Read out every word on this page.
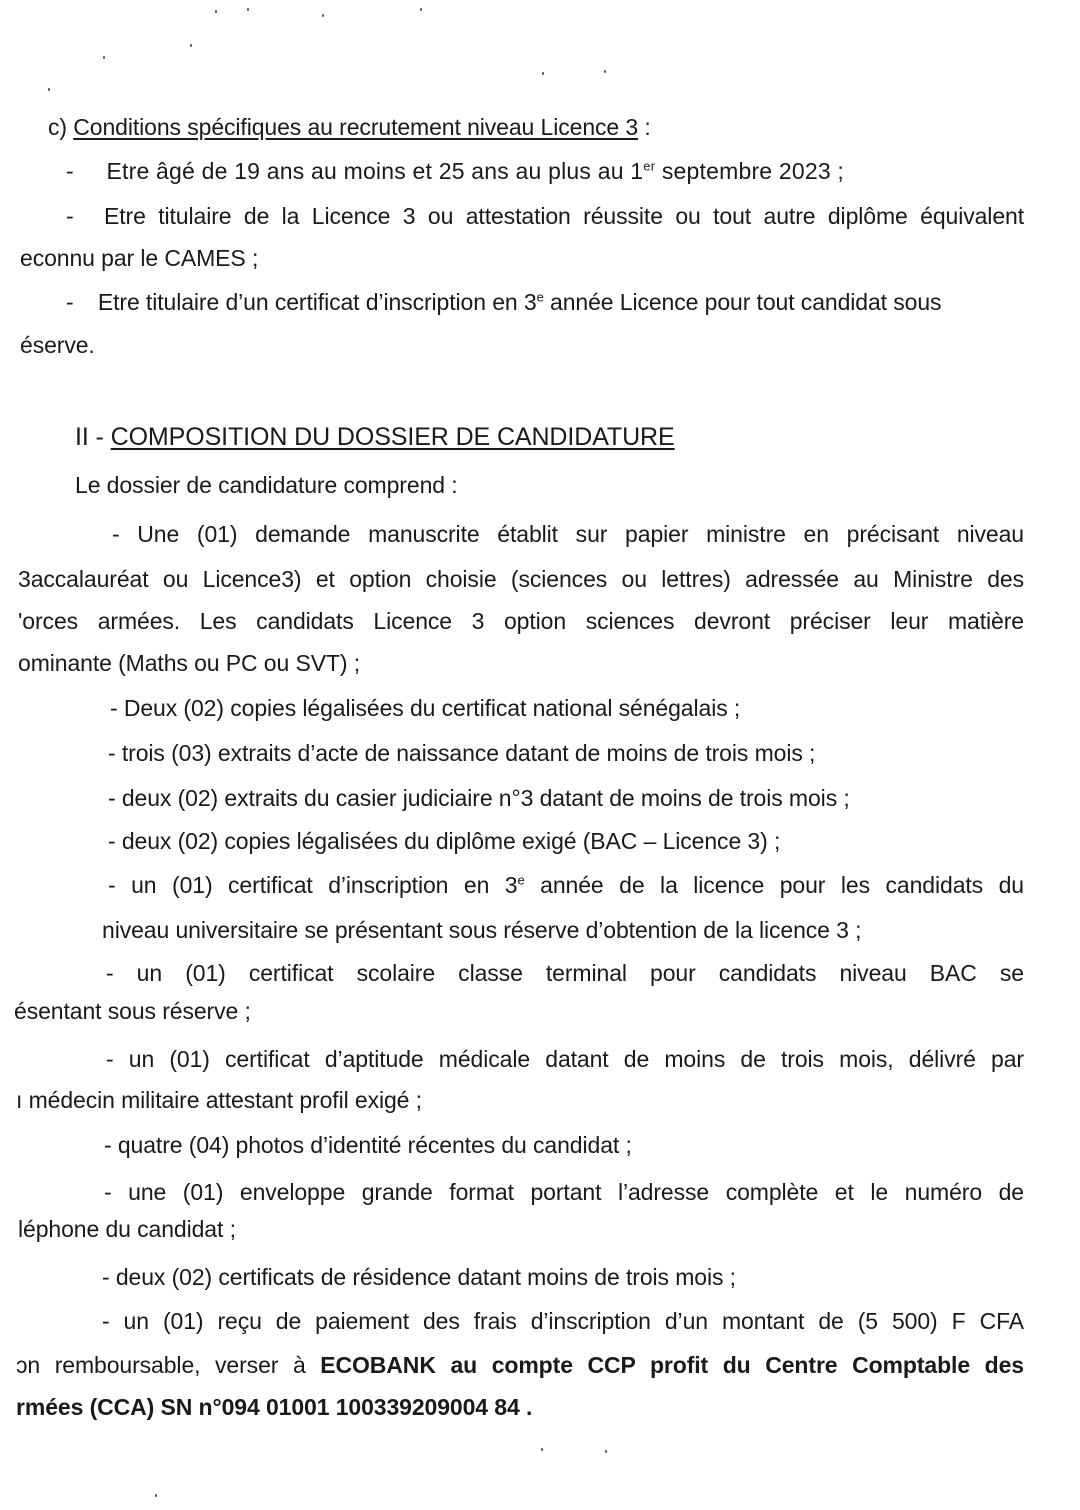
c) Conditions spécifiques au recrutement niveau Licence 3 :
- Etre âgé de 19 ans au moins et 25 ans au plus au 1er septembre 2023 ;
- Etre titulaire de la Licence 3 ou attestation réussite ou tout autre diplôme équivalent
econnu par le CAMES ;
- Etre titulaire d’un certificat d’inscription en 3e année Licence pour tout candidat sous
éserve.
II - COMPOSITION DU DOSSIER DE CANDIDATURE
Le dossier de candidature comprend :
- Une (01) demande manuscrite établit sur papier ministre en précisant niveau
3accalauréat ou Licence3) et option choisie (sciences ou lettres) adressée au Ministre des
'orces armées. Les candidats Licence 3 option sciences devront préciser leur matière
ominante (Maths ou PC ou SVT) ;
- Deux (02) copies légalisées du certificat national sénégalais ;
- trois (03) extraits d’acte de naissance datant de moins de trois mois ;
- deux (02) extraits du casier judiciaire n°3 datant de moins de trois mois ;
- deux (02) copies légalisées du diplôme exigé (BAC – Licence 3) ;
- un (01) certificat d’inscription en 3e année de la licence pour les candidats du
niveau universitaire se présentant sous réserve d’obtention de la licence 3 ;
- un (01) certificat scolaire classe terminal pour candidats niveau BAC se
ésentant sous réserve ;
- un (01) certificat d’aptitude médicale datant de moins de trois mois, délivré par
ı médecin militaire attestant profil exigé ;
- quatre (04) photos d’identité récentes du candidat ;
- une (01) enveloppe grande format portant l’adresse complète et le numéro de
léphone du candidat ;
- deux (02) certificats de résidence datant moins de trois mois ;
- un (01) reçu de paiement des frais d’inscription d’un montant de (5 500) F CFA
ɔn remboursable, verser à ECOBANK au compte CCP profit du Centre Comptable des
rmées (CCA) SN n°094 01001 100339209004 84 .
